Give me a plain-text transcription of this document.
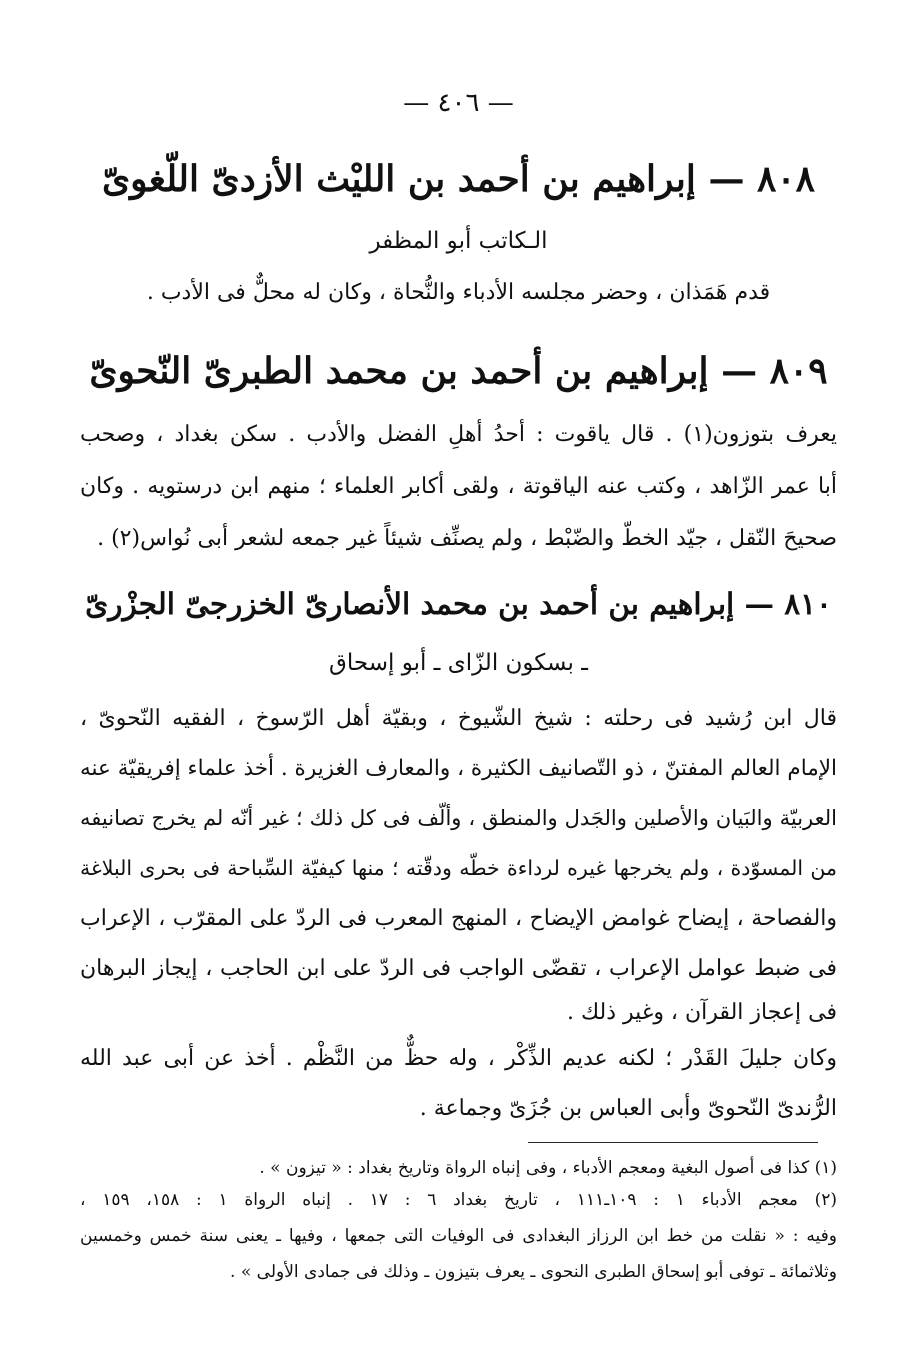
— ٤٠٦ —
٨٠٨ — إبراهيم بن أحمد بن الليْث الأزدىّ اللّغوىّ
الـكاتب أبو المظفر
قدم هَمَذان ، وحضر مجلسه الأدباء والنُّحاة ، وكان له محلٌّ فى الأدب .
٨٠٩ — إبراهيم بن أحمد بن محمد الطبرىّ النّحوىّ
يعرف بتوزون(١) . قال ياقوت : أحدُ أهلِ الفضل والأدب . سكن بغداد ، وصحب
أبا عمر الزّاهد ، وكتب عنه الياقوتة ، ولقى أكابر العلماء ؛ منهم ابن درستويه . وكان
صحيحَ النّقل ، جيّد الخطّ والضّبْط ، ولم يصنِّف شيئاً غير جمعه لشعر أبى نُواس(٢) .
٨١٠ — إبراهيم بن أحمد بن محمد الأنصارىّ الخزرجىّ الجزْرىّ
ـ بسكون الزّاى ـ أبو إسحاق
قال ابن رُشيد فى رحلته : شيخ الشّيوخ ، وبقيّة أهل الرّسوخ ، الفقيه النّحوىّ ،
الإمام العالم المفتنّ ، ذو التّصانيف الكثيرة ، والمعارف الغزيرة . أخذ علماء إفريقيّة عنه
العربيّة والبَيان والأصلين والجَدل والمنطق ، وألّف فى كل ذلك ؛ غير أنّه لم يخرج تصانيفه
من المسوّدة ، ولم يخرجها غيره لرداءة خطّه ودقّته ؛ منها كيفيّة السِّباحة فى بحرى البلاغة
والفصاحة ، إيضاح غوامض الإيضاح ، المنهج المعرب فى الردّ على المقرّب ، الإعراب
فى ضبط عوامل الإعراب ، تقضّى الواجب فى الردّ على ابن الحاجب ، إيجاز البرهان
فى إعجاز القرآن ، وغير ذلك .
وكان جليلَ القَدْر ؛ لكنه عديم الذِّكْر ، وله حظٌّ من النَّظْم . أخذ عن أبى عبد الله
الرُّندىّ النّحوىّ وأبى العباس بن جُزَىّ وجماعة .
(١) كذا فى أصول البغية ومعجم الأدباء ، وفى إنباه الرواة وتاريخ بغداد : « تيزون » .
(٢) معجم الأدباء ١ : ١٠٩ـ١١١ ، تاريخ بغداد ٦ : ١٧ . إنباه الرواة ١ : ١٥٨، ١٥٩ ،
وفيه : « نقلت من خط ابن الرزاز البغدادى فى الوفيات التى جمعها ، وفيها ـ يعنى سنة خمس وخمسين
وثلاثمائة ـ توفى أبو إسحاق الطبرى النحوى ـ يعرف بتيزون ـ وذلك فى جمادى الأولى » .
